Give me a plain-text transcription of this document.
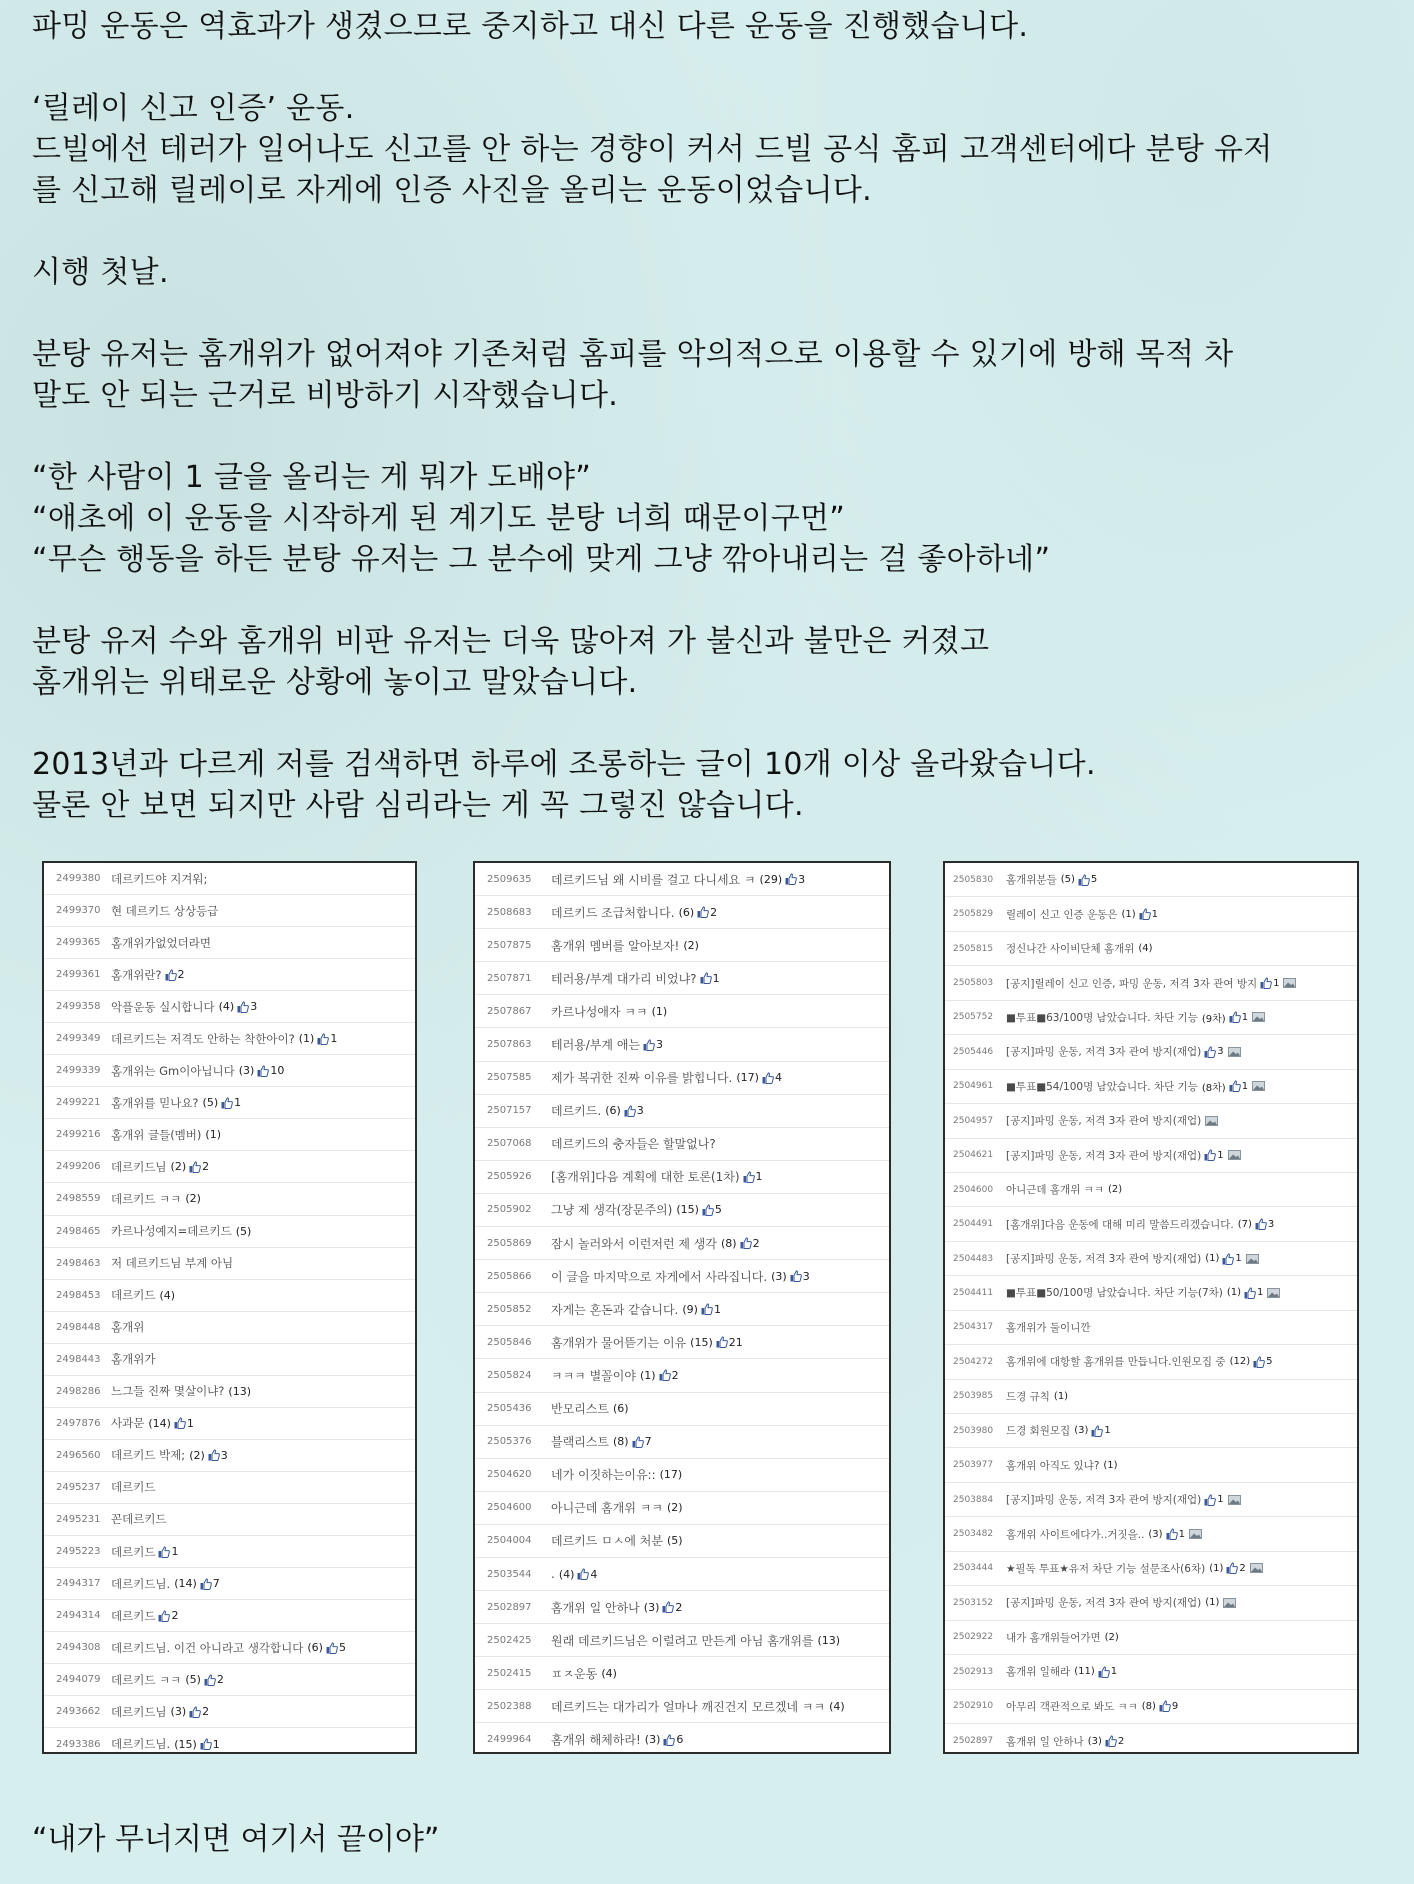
파밍 운동은 역효과가 생겼으므로 중지하고 대신 다른 운동을 진행했습니다.

‘릴레이 신고 인증’ 운동.

드빌에선 테러가 일어나도 신고를 안 하는 경향이 커서 드빌 공식 홈피 고객센터에다 분탕 유저

를 신고해 릴레이로 자게에 인증 사진을 올리는 운동이었습니다.

시행 첫날.

분탕 유저는 홈개위가 없어져야 기존처럼 홈피를 악의적으로 이용할 수 있기에 방해 목적 차

말도 안 되는 근거로 비방하기 시작했습니다.

“한 사람이 1 글을 올리는 게 뭐가 도배야”

“애초에 이 운동을 시작하게 된 계기도 분탕 너희 때문이구먼”

“무슨 행동을 하든 분탕 유저는 그 분수에 맞게 그냥 깎아내리는 걸 좋아하네”

분탕 유저 수와 홈개위 비판 유저는 더욱 많아져 가 불신과 불만은 커졌고

홈개위는 위태로운 상황에 놓이고 말았습니다.

2013년과 다르게 저를 검색하면 하루에 조롱하는 글이 10개 이상 올라왔습니다.

물론 안 보면 되지만 사람 심리라는 게 꼭 그렇진 않습니다.

2499380 데르키드야 지겨워;
2499370 현 데르키드 상상등급
2499365 홈개위가없었더라면
2499361 홈개위란? 2
2499358 악플운동 실시합니다 (4) 3
2499349 데르키드는 저격도 안하는 착한아이? (1) 1
2499339 홈개위는 Gm이아닙니다 (3) 10
2499221 홈개위를 믿나요? (5) 1
2499216 홈개위 글들(멤버) (1)
2499206 데르키드님 (2) 2
2498559 데르키드 ㅋㅋ (2)
2498465 카르나성예지=데르키드 (5)
2498463 저 데르키드님 부계 아님
2498453 데르키드 (4)
2498448 홈개위
2498443 홈개위가
2498286 느그들 진짜 몇살이냐? (13)
2497876 사과문 (14) 1
2496560 데르키드 박제; (2) 3
2495237 데르키드
2495231 꼰데르키드
2495223 데르키드 1
2494317 데르키드님. (14) 7
2494314 데르키드 2
2494308 데르키드님. 이건 아니라고 생각합니다 (6) 5
2494079 데르키드 ㅋㅋ (5) 2
2493662 데르키드님 (3) 2
2493386 데르키드님. (15) 1
2509635	데르키드님 왜 시비를 걸고 다니세요 ㅋ (29) 3
2508683	데르키드 조급처합니다. (6) 2
2507875	홈개위 멤버를 알아보자! (2)
2507871	테러용/부계 대가리 비었냐? 1
2507867	카르나성애자 ㅋㅋ (1)
2507863	테러용/부계 애는 3
2507585	제가 복귀한 진짜 이유를 밝힙니다. (17) 4
2507157	데르키드. (6) 3
2507068	데르키드의 충자들은 할말없나?
2505926	[홈개위]다음 계획에 대한 토론(1차) 1
2505902	그냥 제 생각(장문주의) (15) 5
2505869	잠시 놀러와서 이런저런 제 생각 (8) 2
2505866	이 글을 마지막으로 자게에서 사라집니다. (3) 3
2505852	자게는 혼돈과 같습니다. (9) 1
2505846	홈개위가 물어뜯기는 이유 (15) 21
2505824	ㅋㅋㅋ 별꼴이야 (1) 2
2505436	반모리스트 (6)
2505376	블랙리스트 (8) 7
2504620	네가 이짓하는이유:: (17)
2504600	아니근데 홈개위 ㅋㅋ (2)
2504004	데르키드 ㅁㅅ에 처분 (5)
2503544	. (4) 4
2502897	홈개위 일 안하나 (3) 2
2502425	원래 데르키드님은 이럴려고 만든게 아님 홈개위를 (13)
2502415	ㅍㅈ운동 (4)
2502388	데르키드는 대가리가 얼마나 깨진건지 모르겠네 ㅋㅋ (4)
2499964	홈개위 해체하라! (3) 6
2505830	홈개위분들 (5) 5
2505829	릴레이 신고 인증 운동은 (1) 1
2505815	정신나간 사이비단체 홈개위 (4)
2505803	[공지]릴레이 신고 인증, 파밍 운동, 저격 3자 관여 방지 1
2505752	■투표■63/100명 남았습니다. 차단 기능 (9차) 1
2505446	[공지]파밍 운동, 저격 3자 관여 방지(재업) 3
2504961	■투표■54/100명 남았습니다. 차단 기능 (8차) 1
2504957	[공지]파밍 운동, 저격 3자 관여 방지(재업)
2504621	[공지]파밍 운동, 저격 3자 관여 방지(재업) 1
2504600	아니근데 홈개위 ㅋㅋ (2)
2504491	[홈개위]다음 운동에 대해 미리 말씀드리겠습니다. (7) 3
2504483	[공지]파밍 운동, 저격 3자 관여 방지(재업) (1) 1
2504411	■투표■50/100명 남았습니다. 차단 기능(7차) (1) 1
2504317	홈개위가 둘이니깐
2504272	홈개위에 대항할 홈개위를 만듭니다.인원모집 중 (12) 5
2503985	드경 규칙 (1)
2503980	드경 회원모집 (3) 1
2503977	홈개위 아직도 있냐? (1)
2503884	[공지]파밍 운동, 저격 3자 관여 방지(재업) 1
2503482	홈개위 사이트에다가..거짓을.. (3) 1
2503444	★필독 투표★유저 차단 기능 설문조사(6차) (1) 2
2503152	[공지]파밍 운동, 저격 3자 관여 방지(재업) (1)
2502922	내가 홈개위들어가면 (2)
2502913	홈개위 일해라 (11) 1
2502910	아무리 객관적으로 봐도 ㅋㅋ (8) 9
2502897	홈개위 일 안하나 (3) 2

“내가 무너지면 여기서 끝이야”
